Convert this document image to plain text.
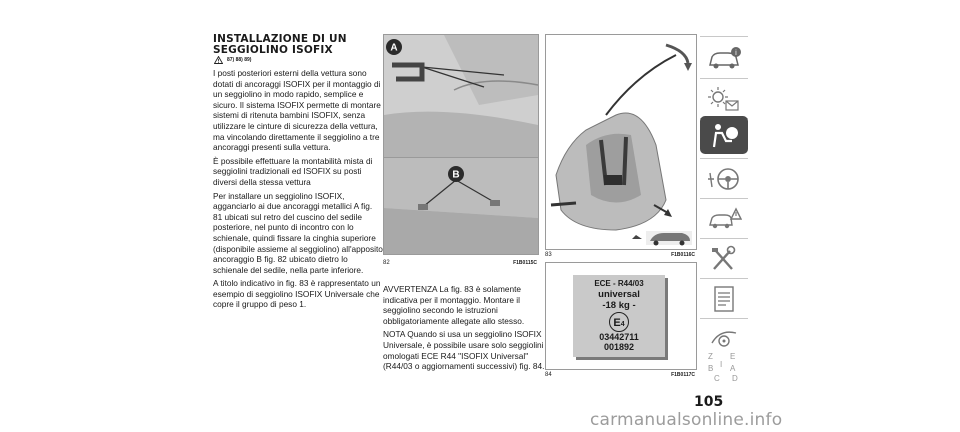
INSTALLAZIONE DI UN SEGGIOLINO ISOFIX
87) 88) 89)

I posti posteriori esterni della vettura sono dotati di ancoraggi ISOFIX per il montaggio di un seggiolino in modo rapido, semplice e sicuro. Il sistema ISOFIX permette di montare sistemi di ritenuta bambini ISOFIX, senza utilizzare le cinture di sicurezza della vettura, ma vincolando direttamente il seggiolino a tre ancoraggi presenti sulla vettura.

È possibile effettuare la montabilità mista di seggiolini tradizionali ed ISOFIX su posti diversi della stessa vettura

Per installare un seggiolino ISOFIX, agganciarlo ai due ancoraggi metallici A fig. 81 ubicati sul retro del cuscino del sedile posteriore, nel punto di incontro con lo schienale, quindi fissare la cinghia superiore (disponibile assieme al seggiolino) all'apposito ancoraggio B fig. 82 ubicato dietro lo schienale del sedile, nella parte inferiore.

A titolo indicativo in fig. 83 è rappresentato un esempio di seggiolino ISOFIX Universale che copre il gruppo di peso 1.

A
B
82	F1B0115C

AVVERTENZA La fig. 83 è solamente indicativa per il montaggio. Montare il seggiolino secondo le istruzioni obbligatoriamente allegate allo stesso.

NOTA Quando si usa un seggiolino ISOFIX Universale, è possibile usare solo seggiolini omologati ECE R44 "ISOFIX Universal" (R44/03 o aggiornamenti successivi) fig. 84.

83	F1B0116C
ECE - R44/03
universal
-18 kg -
E 4
03442711
001892
84	F1B0117C
105
carmanualsonline.info
i
Z E
B A
I
C D
